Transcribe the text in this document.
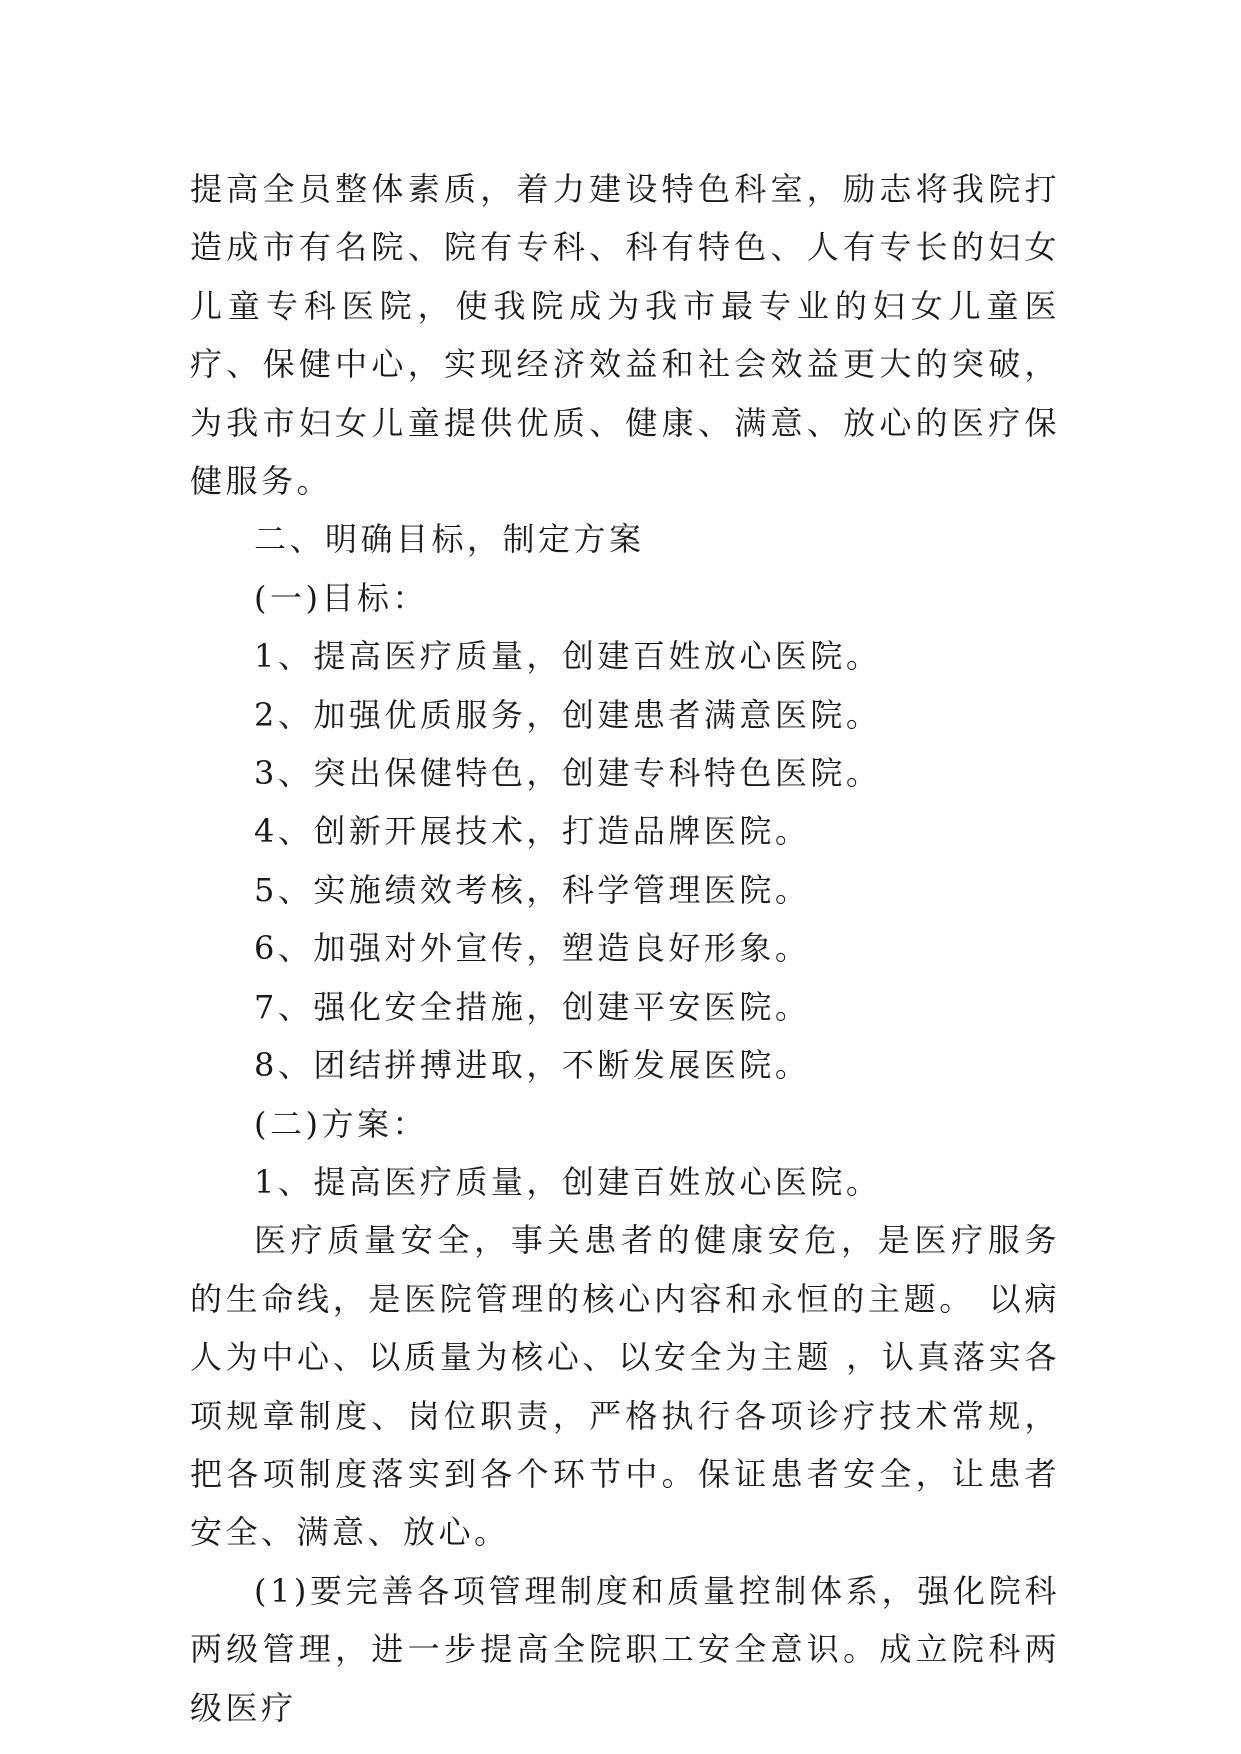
提高全员整体素质，着力建设特色科室，励志将我院打造成市有名院、院有专科、科有特色、人有专长的妇女儿童专科医院，使我院成为我市最专业的妇女儿童医疗、保健中心，实现经济效益和社会效益更大的突破，为我市妇女儿童提供优质、健康、满意、放心的医疗保健服务。

二、明确目标，制定方案

(一)目标：

1、提高医疗质量，创建百姓放心医院。

2、加强优质服务，创建患者满意医院。

3、突出保健特色，创建专科特色医院。

4、创新开展技术，打造品牌医院。

5、实施绩效考核，科学管理医院。

6、加强对外宣传，塑造良好形象。

7、强化安全措施，创建平安医院。

8、团结拼搏进取，不断发展医院。

(二)方案：

1、提高医疗质量，创建百姓放心医院。

医疗质量安全，事关患者的健康安危，是医疗服务的生命线，是医院管理的核心内容和永恒的主题。 以病人为中心、以质量为核心、以安全为主题 ，认真落实各项规章制度、岗位职责，严格执行各项诊疗技术常规，把各项制度落实到各个环节中。保证患者安全，让患者安全、满意、放心。

(1)要完善各项管理制度和质量控制体系，强化院科两级管理，进一步提高全院职工安全意识。成立院科两级医疗
